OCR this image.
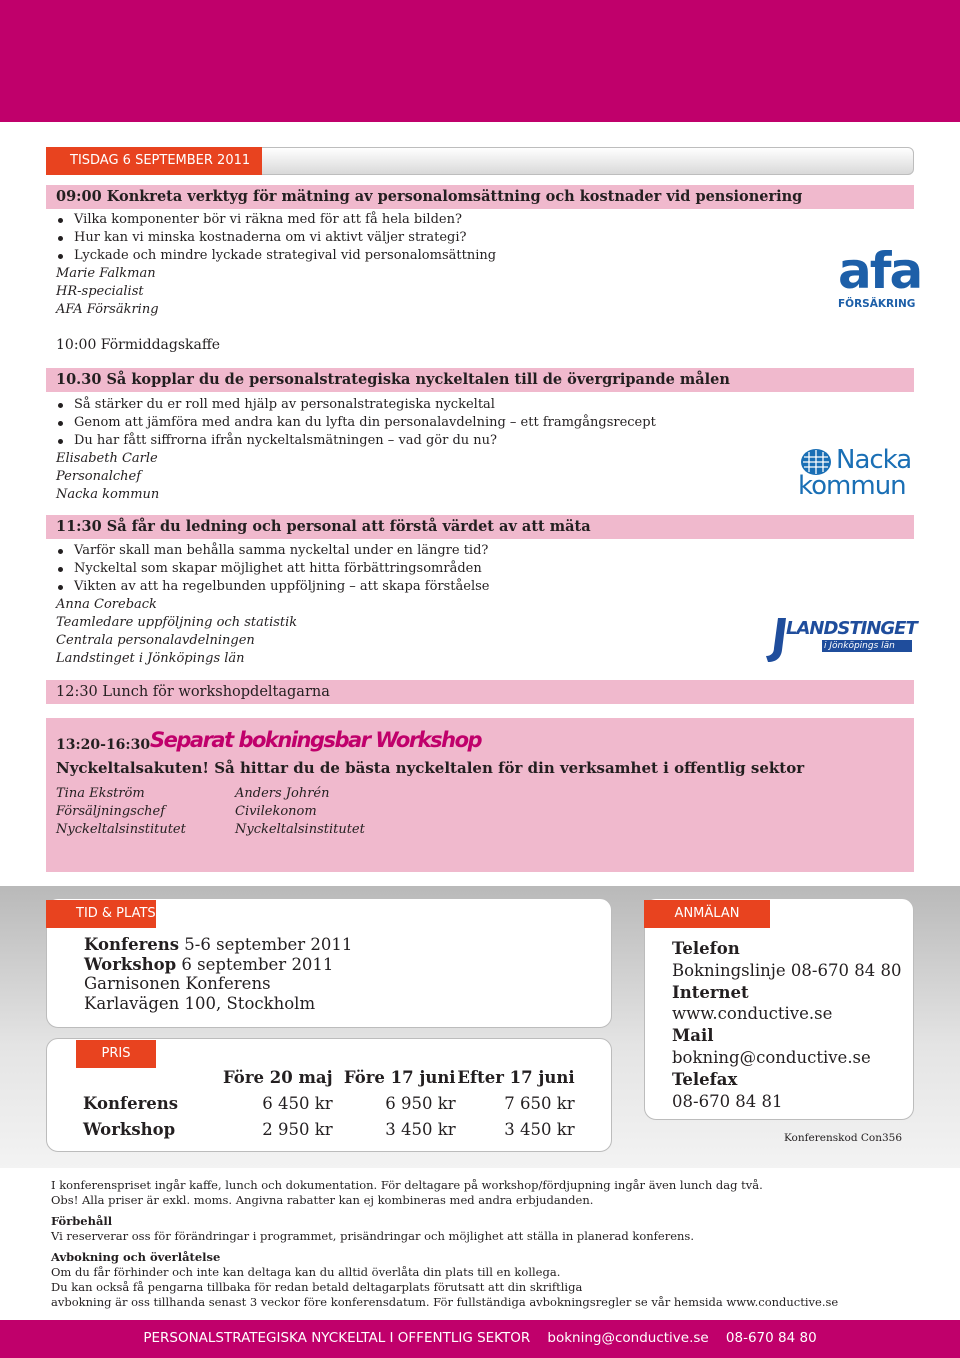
TISDAG 6 SEPTEMBER 2011
09:00 Konkreta verktyg för mätning av personalomsättning och kostnader vid pensionering
Vilka komponenter bör vi räkna med för att få hela bilden?
Hur kan vi minska kostnaderna om vi aktivt väljer strategi?
Lyckade och mindre lyckade strategival vid personalomsättning
Marie Falkman
HR-specialist
AFA Försäkring
afa
FÖRSÄKRING
10:00 Förmiddagskaffe
10.30 Så kopplar du de personalstrategiska nyckeltalen till de övergripande målen
Så stärker du er roll med hjälp av personalstrategiska nyckeltal
Genom att jämföra med andra kan du lyfta din personalavdelning – ett framgångsrecept
Du har fått siffrorna ifrån nyckeltalsmätningen – vad gör du nu?
Elisabeth Carle
Personalchef
Nacka kommun
Nacka
kommun
11:30 Så får du ledning och personal att förstå värdet av att mäta
Varför skall man behålla samma nyckeltal under en längre tid?
Nyckeltal som skapar möjlighet att hitta förbättringsområden
Vikten av att ha regelbunden uppföljning – att skapa förståelse
Anna Coreback
Teamledare uppföljning och statistik
Centrala personalavdelningen
Landstinget i Jönköpings län
LANDSTINGET
i Jönköpings län
12:30 Lunch för workshopdeltagarna
13:20-16:30 Separat bokningsbar Workshop
Nyckeltalsakuten! Så hittar du de bästa nyckeltalen för din verksamhet i offentlig sektor
Tina Ekström
Försäljningschef
Nyckeltalsinstitutet
Anders Johrén
Civilekonom
Nyckeltalsinstitutet
TID & PLATS
Konferens 5-6 september 2011
Workshop 6 september 2011
Garnisonen Konferens
Karlavägen 100, Stockholm
PRIS
	Före 20 maj	Före 17 juni	Efter 17 juni
Konferens	6 450 kr	6 950 kr	7 650 kr
Workshop	2 950 kr	3 450 kr	3 450 kr
ANMÄLAN
Telefon
Bokningslinje 08-670 84 80
Internet
www.conductive.se
Mail
bokning@conductive.se
Telefax
08-670 84 81
Konferenskod Con356
I konferenspriset ingår kaffe, lunch och dokumentation. För deltagare på workshop/fördjupning ingår även lunch dag två.
Obs! Alla priser är exkl. moms. Angivna rabatter kan ej kombineras med andra erbjudanden.
Förbehåll
Vi reserverar oss för förändringar i programmet, prisändringar och möjlighet att ställa in planerad konferens.
Avbokning och överlåtelse
Om du får förhinder och inte kan deltaga kan du alltid överlåta din plats till en kollega.
Du kan också få pengarna tillbaka för redan betald deltagarplats förutsatt att din skriftliga
avbokning är oss tillhanda senast 3 veckor före konferensdatum. För fullständiga avbokningsregler se vår hemsida www.conductive.se
PERSONALSTRATEGISKA NYCKELTAL I OFFENTLIG SEKTOR    bokning@conductive.se    08-670 84 80
